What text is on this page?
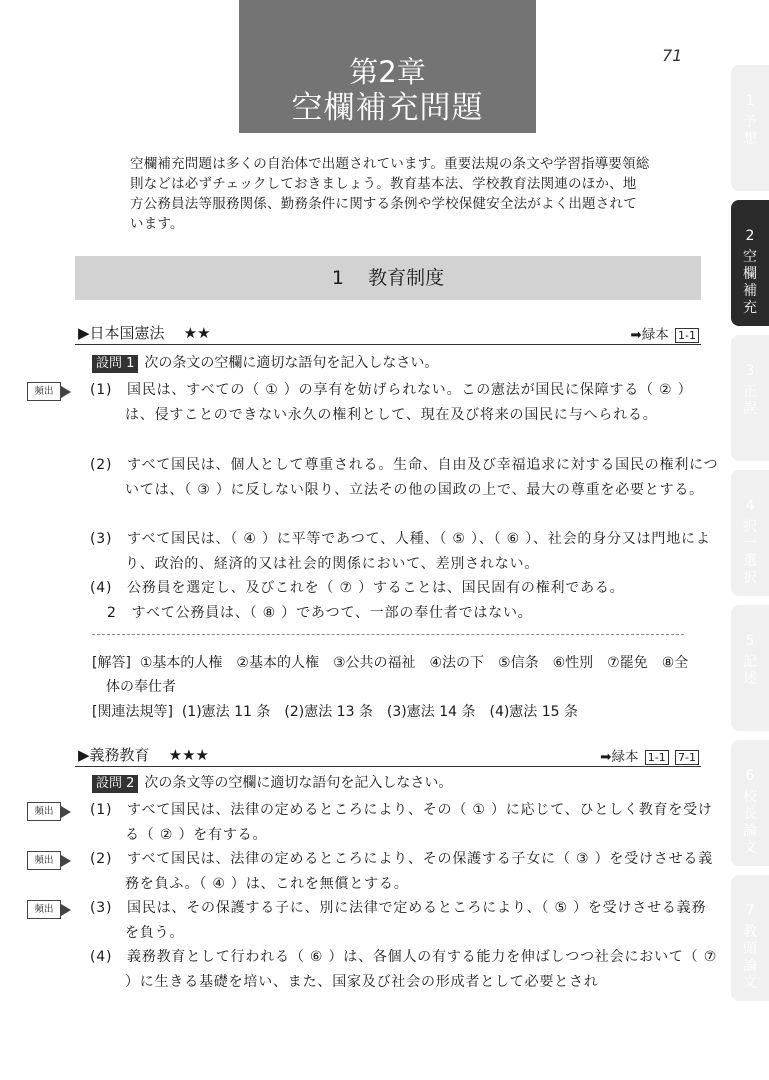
第2章
空欄補充問題
71
空欄補充問題は多くの自治体で出題されています。重要法規の条文や学習指導要領総則などは必ずチェックしておきましょう。教育基本法、学校教育法関連のほか、地方公務員法等服務関係、勤務条件に関する条例や学校保健安全法がよく出題されています。
1 教育制度
▶日本国憲法 ★★	➡緑本 1-1
設問 1 次の条文の空欄に適切な語句を記入しなさい。
頻出	(1)　国民は、すべての（ ① ）の享有を妨げられない。この憲法が国民に保障する（ ② ）は、侵すことのできない永久の権利として、現在及び将来の国民に与へられる。
(2)　すべて国民は、個人として尊重される。生命、自由及び幸福追求に対する国民の権利については、（ ③ ）に反しない限り、立法その他の国政の上で、最大の尊重を必要とする。
(3)　すべて国民は、（ ④ ）に平等であつて、人種、（ ⑤ ）、（ ⑥ ）、社会的身分又は門地により、政治的、経済的又は社会的関係において、差別されない。
(4)　公務員を選定し、及びこれを（ ⑦ ）することは、国民固有の権利である。
2　すべて公務員は、（ ⑧ ）であつて、一部の奉仕者ではない。
[解答] ①基本的人権　②基本的人権　③公共の福祉　④法の下　⑤信条　⑥性別　⑦罷免　⑧全体の奉仕者
[関連法規等] (1)憲法 11 条　(2)憲法 13 条　(3)憲法 14 条　(4)憲法 15 条
▶義務教育 ★★★	➡緑本 1-1 7-1
設問 2 次の条文等の空欄に適切な語句を記入しなさい。
頻出	(1)　すべて国民は、法律の定めるところにより、その（ ① ）に応じて、ひとしく教育を受ける（ ② ）を有する。
頻出	(2)　すべて国民は、法律の定めるところにより、その保護する子女に（ ③ ）を受けさせる義務を負ふ。（ ④ ）は、これを無償とする。
頻出	(3)　国民は、その保護する子に、別に法律で定めるところにより、（ ⑤ ）を受けさせる義務を負う。
(4)　義務教育として行われる（ ⑥ ）は、各個人の有する能力を伸ばしつつ社会において（ ⑦ ）に生きる基礎を培い、また、国家及び社会の形成者として必要とされ
1
予想
2
空欄補充
3
正誤
4
択一選択
5
記述
6
校長論文
7
教頭論文
